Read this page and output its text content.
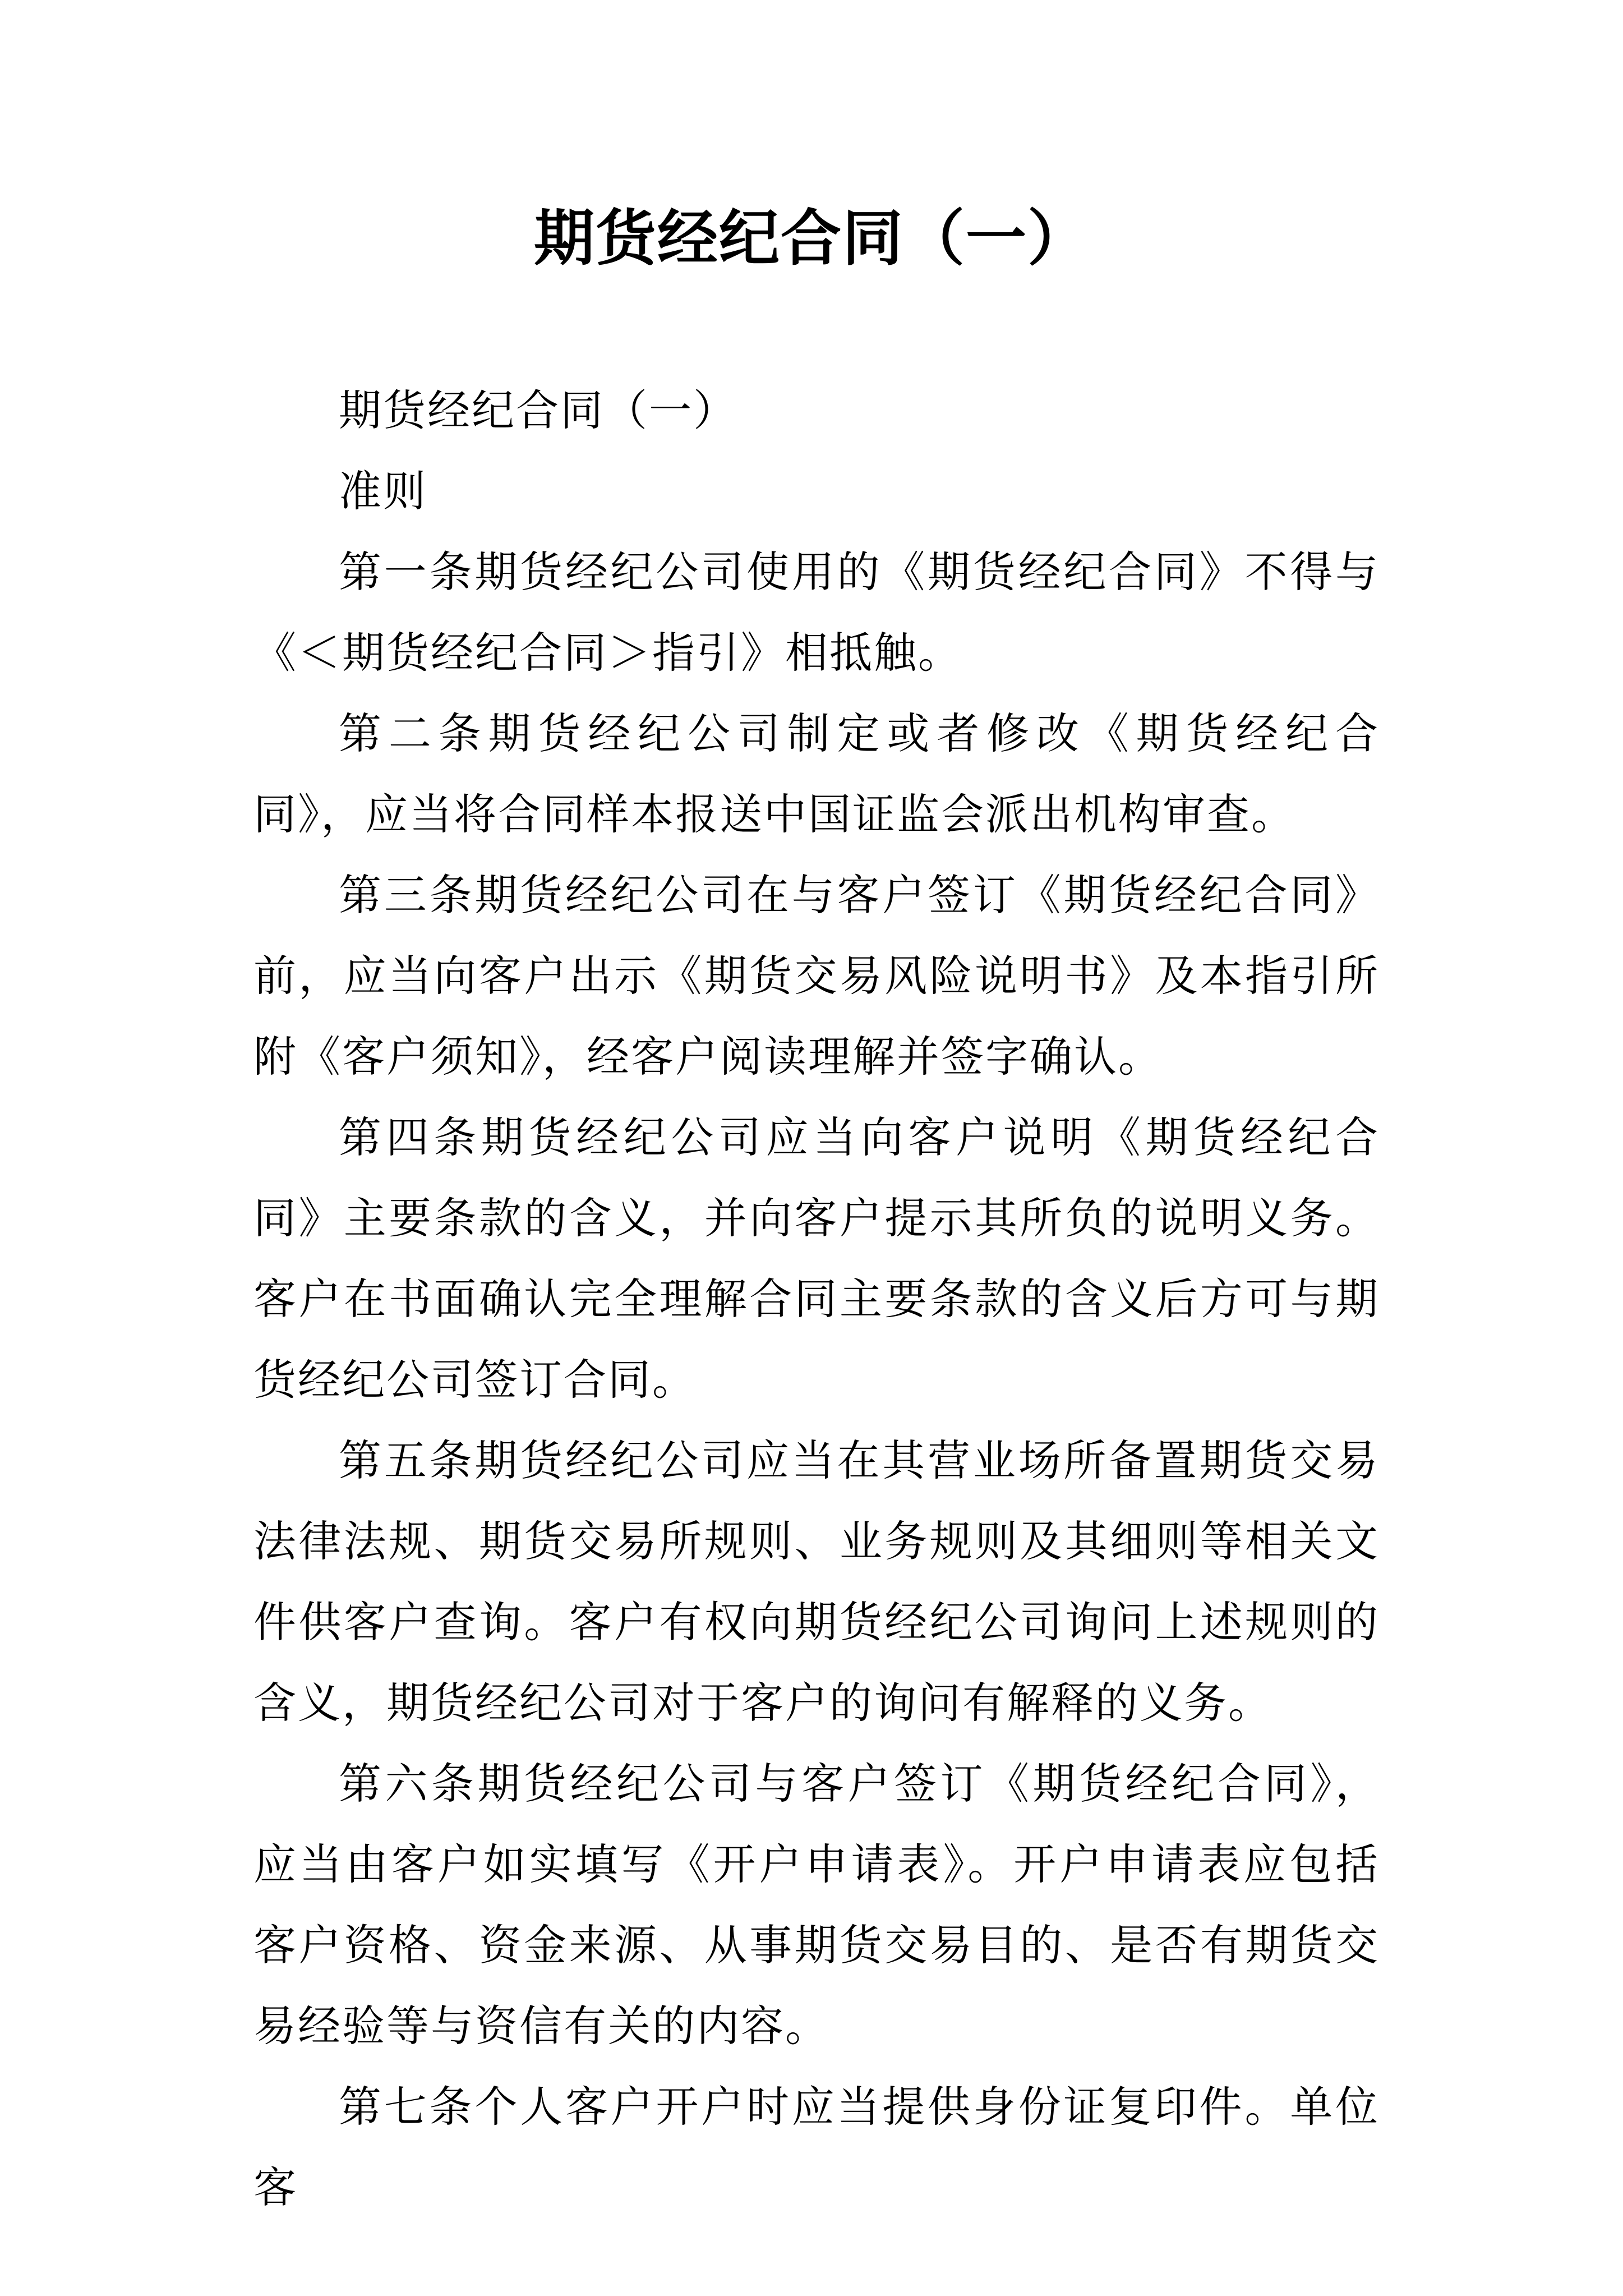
期货经纪合同（一）

期货经纪合同（一）

准则

第一条期货经纪公司使用的《期货经纪合同》不得与《＜期货经纪合同＞指引》相抵触。

第二条期货经纪公司制定或者修改《期货经纪合同》，应当将合同样本报送中国证监会派出机构审查。

第三条期货经纪公司在与客户签订《期货经纪合同》前，应当向客户出示《期货交易风险说明书》及本指引所附《客户须知》，经客户阅读理解并签字确认。

第四条期货经纪公司应当向客户说明《期货经纪合同》主要条款的含义，并向客户提示其所负的说明义务。客户在书面确认完全理解合同主要条款的含义后方可与期货经纪公司签订合同。

第五条期货经纪公司应当在其营业场所备置期货交易法律法规、期货交易所规则、业务规则及其细则等相关文件供客户查询。客户有权向期货经纪公司询问上述规则的含义，期货经纪公司对于客户的询问有解释的义务。

第六条期货经纪公司与客户签订《期货经纪合同》，应当由客户如实填写《开户申请表》。开户申请表应包括客户资格、资金来源、从事期货交易目的、是否有期货交易经验等与资信有关的内容。

第七条个人客户开户时应当提供身份证复印件。单位客
